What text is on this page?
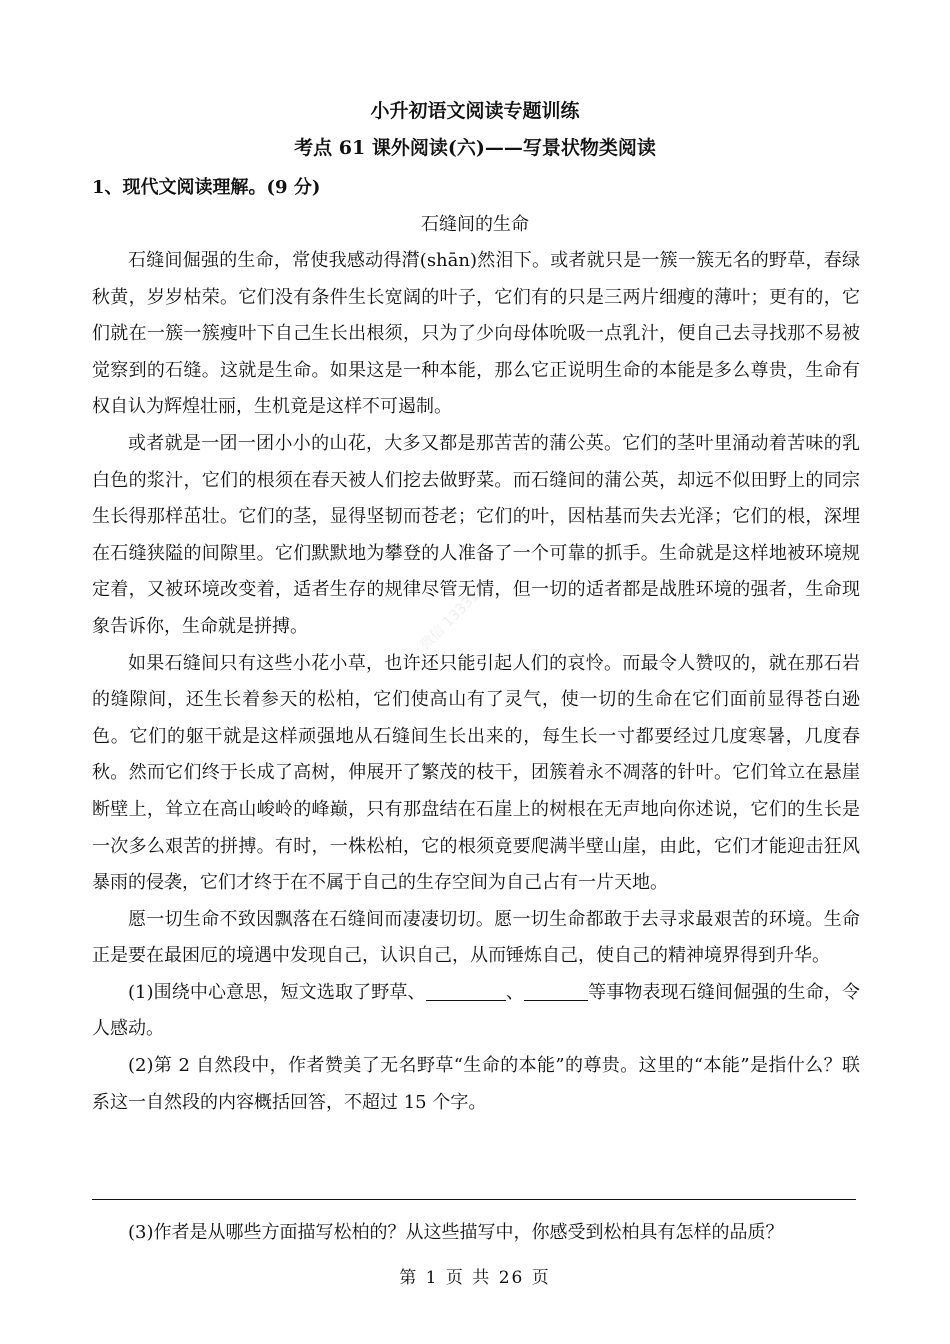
小升初语文阅读专题训练
考点 61 课外阅读(六)——写景状物类阅读
1、现代文阅读理解。(9 分)
石缝间的生命

石缝间倔强的生命，常使我感动得潸(shān)然泪下。或者就只是一簇一簇无名的野草，春绿秋黄，岁岁枯荣。它们没有条件生长宽阔的叶子，它们有的只是三两片细瘦的薄叶；更有的，它们就在一簇一簇瘦叶下自己生长出根须，只为了少向母体吮吸一点乳汁，便自己去寻找那不易被觉察到的石缝。这就是生命。如果这是一种本能，那么它正说明生命的本能是多么尊贵，生命有权自认为辉煌壮丽，生机竟是这样不可遏制。

或者就是一团一团小小的山花，大多又都是那苦苦的蒲公英。它们的茎叶里涌动着苦味的乳白色的浆汁，它们的根须在春天被人们挖去做野菜。而石缝间的蒲公英，却远不似田野上的同宗生长得那样茁壮。它们的茎，显得坚韧而苍老；它们的叶，因枯基而失去光泽；它们的根，深埋在石缝狭隘的间隙里。它们默默地为攀登的人准备了一个可靠的抓手。生命就是这样地被环境规定着，又被环境改变着，适者生存的规律尽管无情，但一切的适者都是战胜环境的强者，生命现象告诉你，生命就是拼搏。

如果石缝间只有这些小花小草，也许还只能引起人们的哀怜。而最令人赞叹的，就在那石岩的缝隙间，还生长着参天的松柏，它们使高山有了灵气，使一切的生命在它们面前显得苍白逊色。它们的躯干就是这样顽强地从石缝间生长出来的，每生长一寸都要经过几度寒暑，几度春秋。然而它们终于长成了高树，伸展开了繁茂的枝干，团簇着永不凋落的针叶。它们耸立在悬崖断壁上，耸立在高山峻岭的峰巅，只有那盘结在石崖上的树根在无声地向你述说，它们的生长是一次多么艰苦的拼搏。有时，一株松柏，它的根须竟要爬满半壁山崖，由此，它们才能迎击狂风暴雨的侵袭，它们才终于在不属于自己的生存空间为自己占有一片天地。

愿一切生命不致因飘落在石缝间而凄凄切切。愿一切生命都敢于去寻求最艰苦的环境。生命正是要在最困厄的境遇中发现自己，认识自己，从而锤炼自己，使自己的精神境界得到升华。

(1)围绕中心意思，短文选取了野草、	、	等事物表现石缝间倔强的生命，令人感动。

(2)第 2 自然段中，作者赞美了无名野草“生命的本能”的尊贵。这里的“本能”是指什么？联系这一自然段的内容概括回答，不超过 15 个字。

(3)作者是从哪些方面描写松柏的？从这些描写中，你感受到松柏具有怎样的品质？
第 1 页 共 26 页
微信 133316
